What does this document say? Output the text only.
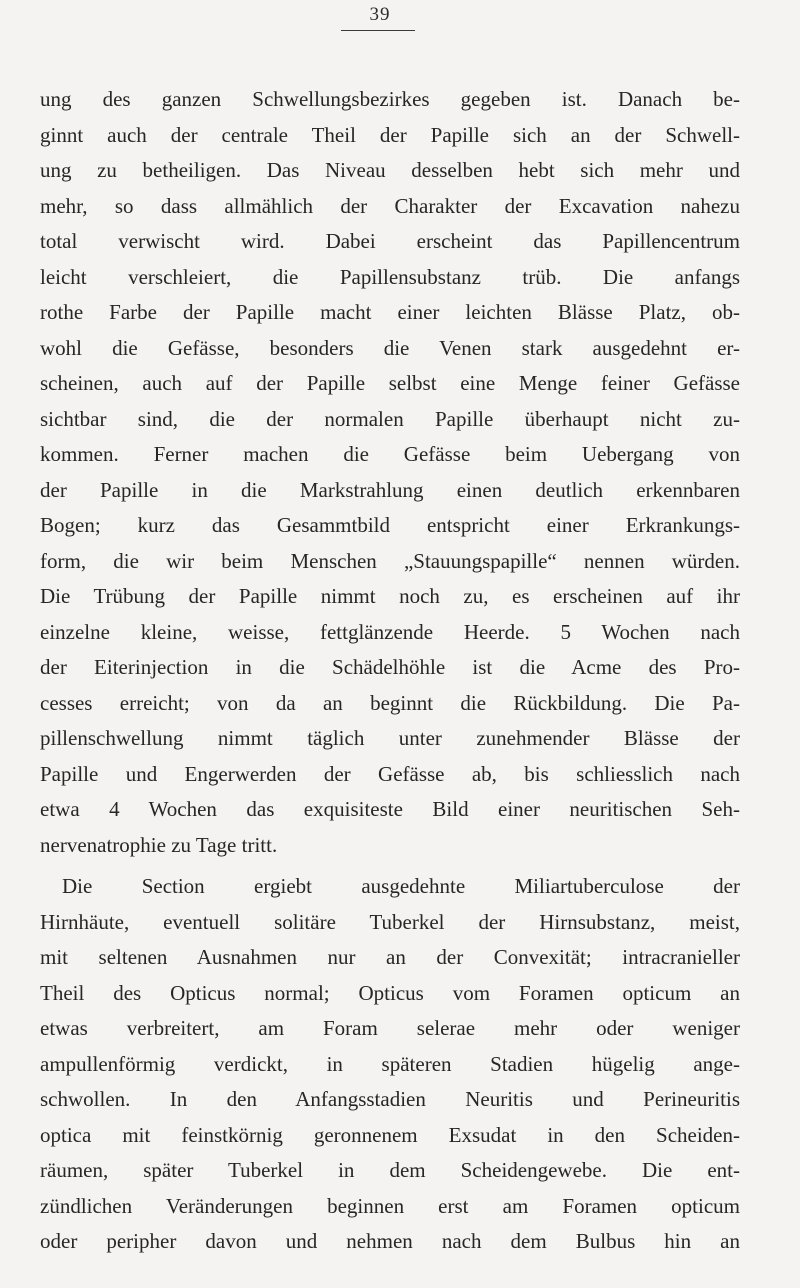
39
ung des ganzen Schwellungsbezirkes gegeben ist. Danach be-
ginnt auch der centrale Theil der Papille sich an der Schwell-
ung zu betheiligen. Das Niveau desselben hebt sich mehr und
mehr, so dass allmählich der Charakter der Excavation nahezu
total verwischt wird. Dabei erscheint das Papillencentrum
leicht verschleiert, die Papillensubstanz trüb. Die anfangs
rothe Farbe der Papille macht einer leichten Blässe Platz, ob-
wohl die Gefässe, besonders die Venen stark ausgedehnt er-
scheinen, auch auf der Papille selbst eine Menge feiner Gefässe
sichtbar sind, die der normalen Papille überhaupt nicht zu-
kommen. Ferner machen die Gefässe beim Uebergang von
der Papille in die Markstrahlung einen deutlich erkennbaren
Bogen; kurz das Gesammtbild entspricht einer Erkrankungs-
form, die wir beim Menschen „Stauungspapille“ nennen würden.
Die Trübung der Papille nimmt noch zu, es erscheinen auf ihr
einzelne kleine, weisse, fettglänzende Heerde. 5 Wochen nach
der Eiterinjection in die Schädelhöhle ist die Acme des Pro-
cesses erreicht; von da an beginnt die Rückbildung. Die Pa-
pillenschwellung nimmt täglich unter zunehmender Blässe der
Papille und Engerwerden der Gefässe ab, bis schliesslich nach
etwa 4 Wochen das exquisiteste Bild einer neuritischen Seh-
nervenatrophie zu Tage tritt.
Die Section ergiebt ausgedehnte Miliartuberculose der
Hirnhäute, eventuell solitäre Tuberkel der Hirnsubstanz, meist,
mit seltenen Ausnahmen nur an der Convexität; intracranieller
Theil des Opticus normal; Opticus vom Foramen opticum an
etwas verbreitert, am Foram selerae mehr oder weniger
ampullenförmig verdickt, in späteren Stadien hügelig ange-
schwollen. In den Anfangsstadien Neuritis und Perineuritis
optica mit feinstkörnig geronnenem Exsudat in den Scheiden-
räumen, später Tuberkel in dem Scheidengewebe. Die ent-
zündlichen Veränderungen beginnen erst am Foramen opticum
oder peripher davon und nehmen nach dem Bulbus hin an
